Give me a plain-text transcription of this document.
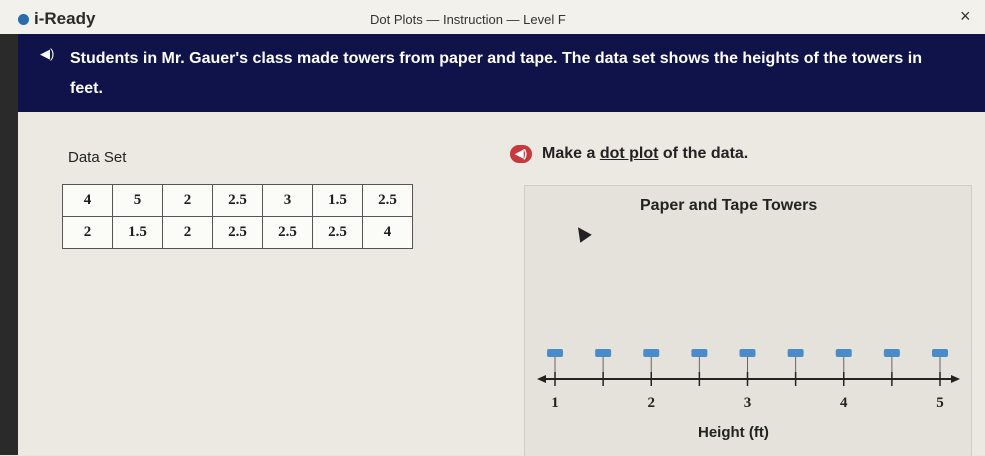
i-Ready	Dot Plots — Instruction — Level F	×
◀) Students in Mr. Gauer's class made towers from paper and tape. The data set shows the heights of the towers in feet.
Data Set
4	5	2	2.5	3	1.5	2.5
2	1.5	2	2.5	2.5	2.5	4
◀) Make a dot plot of the data.
Paper and Tape Towers
1	2	3	4	5
Height (ft)
